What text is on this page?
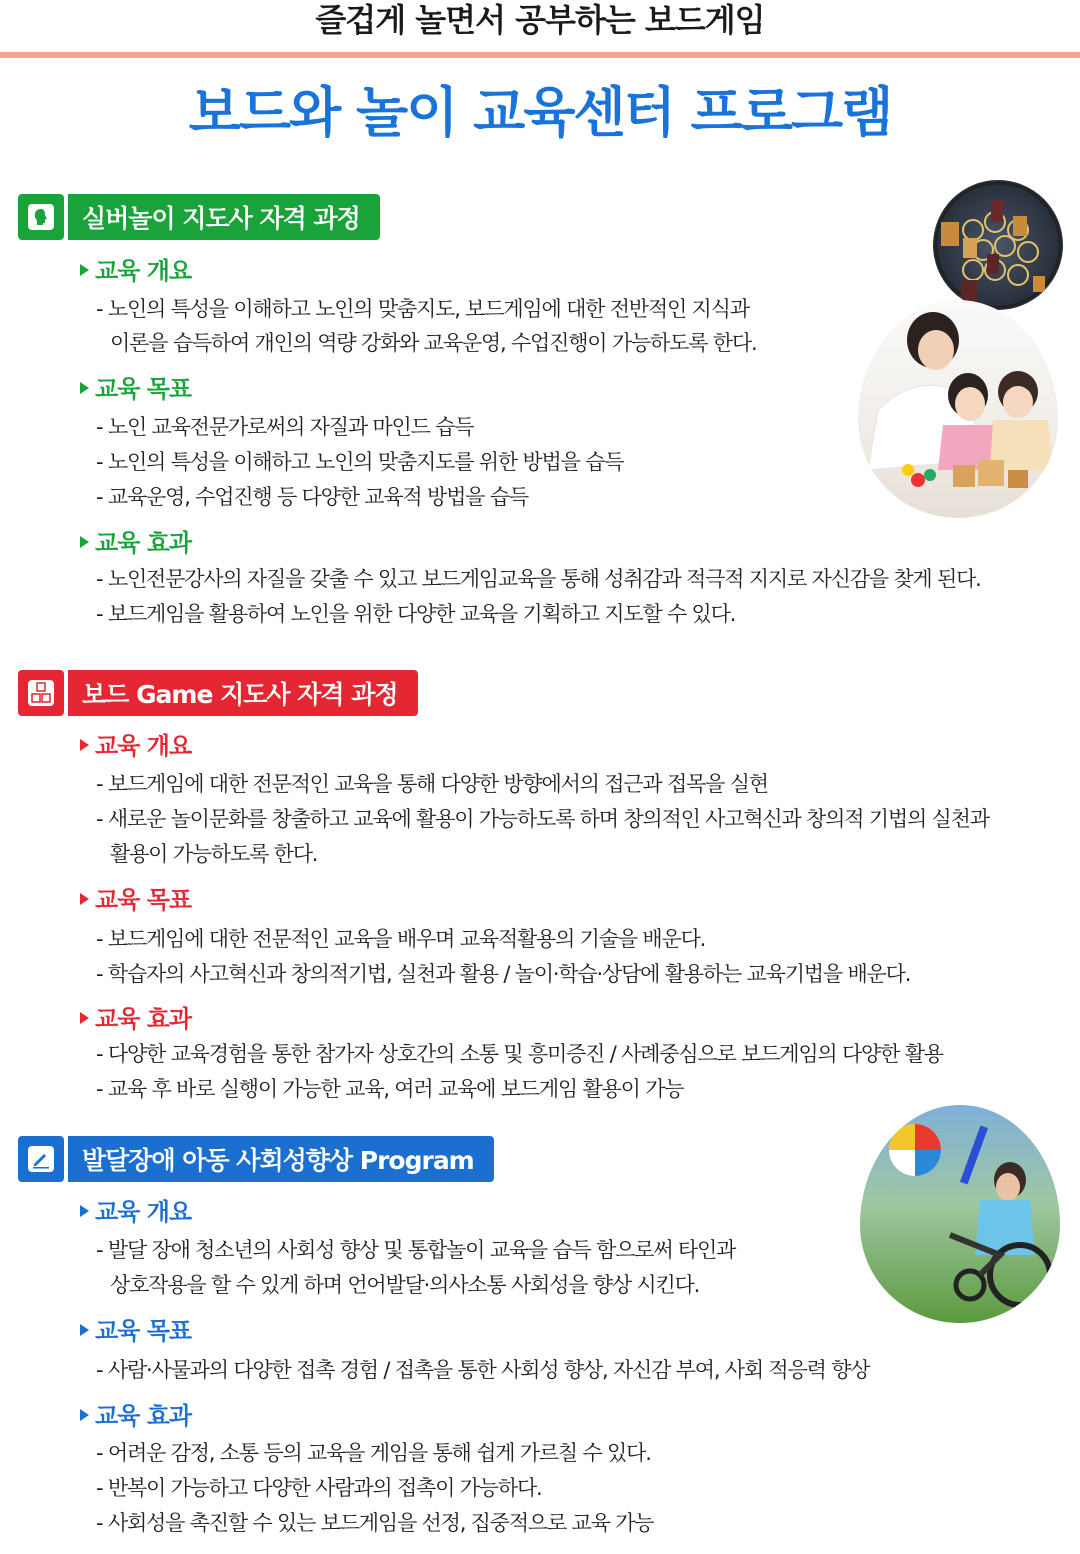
즐겁게 놀면서 공부하는 보드게임
보드와 놀이 교육센터 프로그램
실버놀이 지도사 자격 과정
교육 개요
- 노인의 특성을 이해하고 노인의 맞춤지도, 보드게임에 대한 전반적인 지식과
이론을 습득하여 개인의 역량 강화와 교육운영, 수업진행이 가능하도록 한다.
교육 목표
- 노인 교육전문가로써의 자질과 마인드 습득
- 노인의 특성을 이해하고 노인의 맞춤지도를 위한 방법을 습득
- 교육운영, 수업진행 등 다양한 교육적 방법을 습득
교육 효과
- 노인전문강사의 자질을 갖출 수 있고 보드게임교육을 통해 성취감과 적극적 지지로 자신감을 찾게 된다.
- 보드게임을 활용하여 노인을 위한 다양한 교육을 기획하고 지도할 수 있다.
보드 Game 지도사 자격 과정
교육 개요
- 보드게임에 대한 전문적인 교육을 통해 다양한 방향에서의 접근과 접목을 실현
- 새로운 놀이문화를 창출하고 교육에 활용이 가능하도록 하며 창의적인 사고혁신과 창의적 기법의 실천과
활용이 가능하도록 한다.
교육 목표
- 보드게임에 대한 전문적인 교육을 배우며 교육적활용의 기술을 배운다.
- 학습자의 사고혁신과 창의적기법, 실천과 활용 / 놀이·학습·상담에 활용하는 교육기법을 배운다.
교육 효과
- 다양한 교육경험을 통한 참가자 상호간의 소통 및 흥미증진 / 사례중심으로 보드게임의 다양한 활용
- 교육 후 바로 실행이 가능한 교육, 여러 교육에 보드게임 활용이 가능
발달장애 아동 사회성향상 Program
교육 개요
- 발달 장애 청소년의 사회성 향상 및 통합놀이 교육을 습득 함으로써 타인과
상호작용을 할 수 있게 하며 언어발달·의사소통 사회성을 향상 시킨다.
교육 목표
- 사람·사물과의 다양한 접촉 경험 / 접촉을 통한 사회성 향상, 자신감 부여, 사회 적응력 향상
교육 효과
- 어려운 감정, 소통 등의 교육을 게임을 통해 쉽게 가르칠 수 있다.
- 반복이 가능하고 다양한 사람과의 접촉이 가능하다.
- 사회성을 촉진할 수 있는 보드게임을 선정, 집중적으로 교육 가능
